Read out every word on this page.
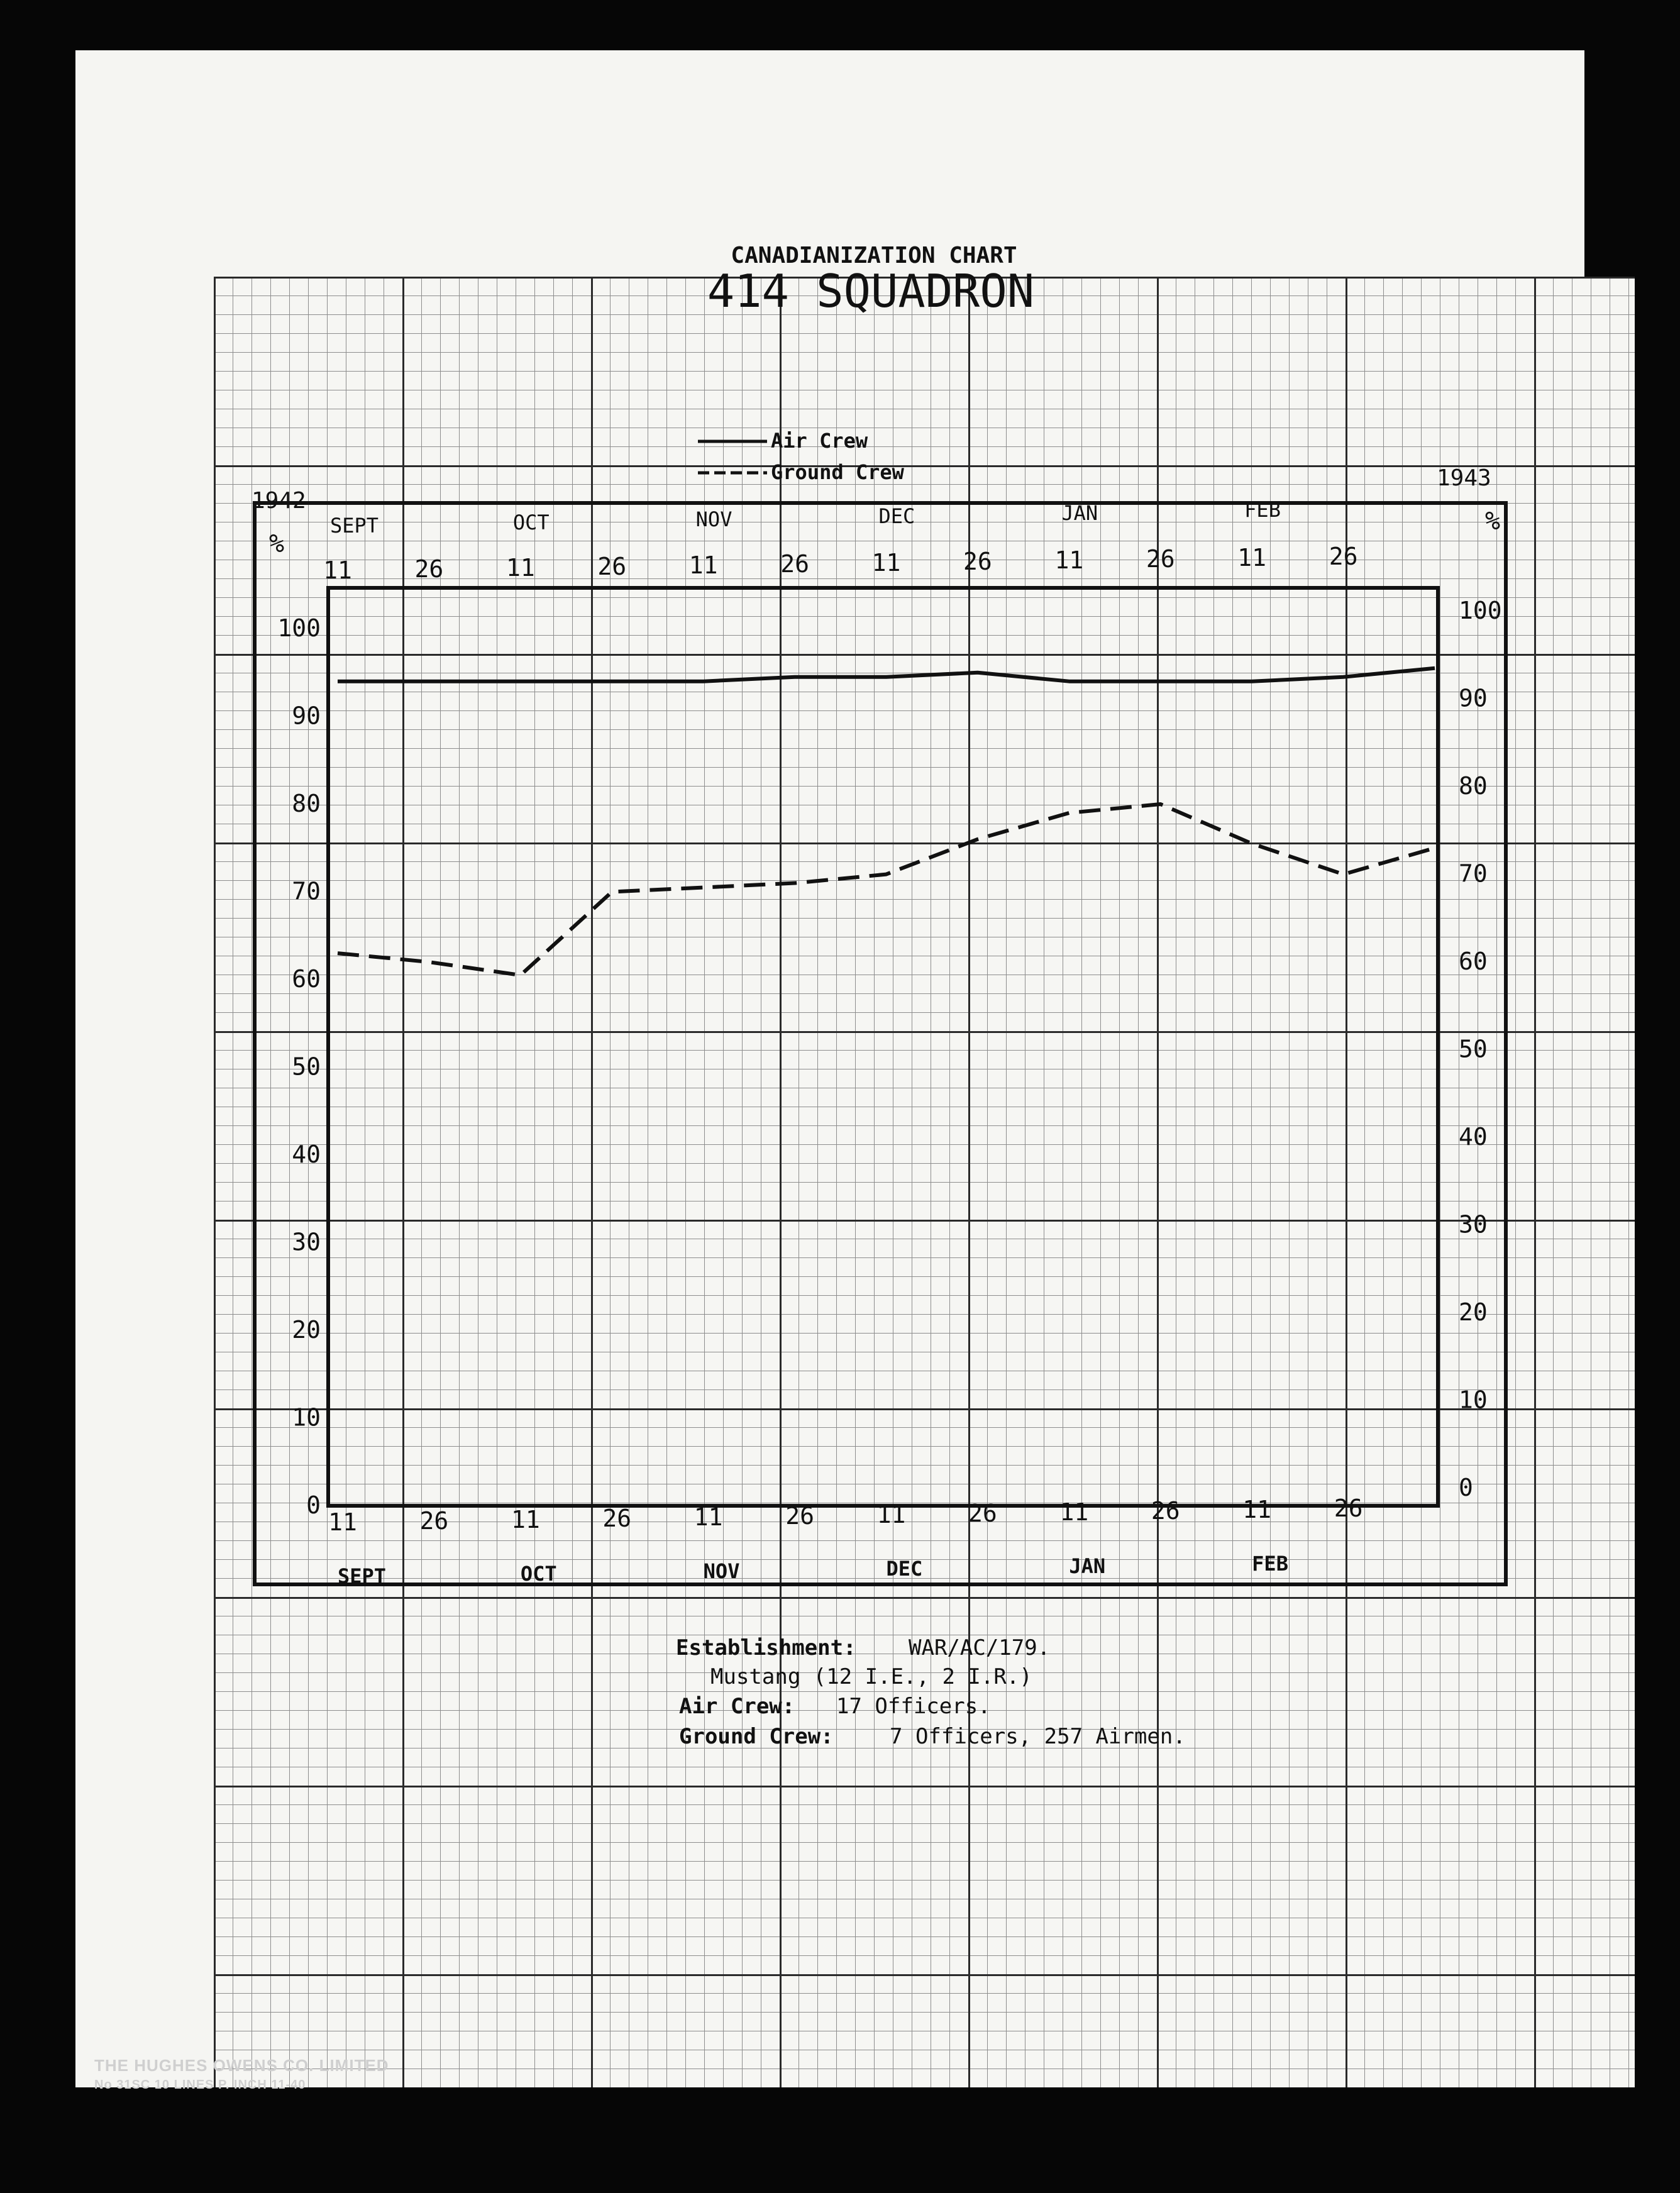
CANADIANIZATION CHART
414 SQUADRON
Air Crew
Ground Crew
1942
1943
%
%
0
10
20
30
40
50
60
70
80
90
100
0
10
20
30
40
50
60
70
80
90
100
11	26	11	26	11	26	11	26	11	26	11	26
11	26	11	26	11	26	11	26	11	26	11	26
SEPT	OCT	NOV	DEC	JAN	FEB
SEPT	OCT	NOV	DEC	JAN	FEB
Establishment: WAR/AC/179.
Mustang (12 I.E., 2 I.R.)
Air Crew: 17 Officers.
Ground Crew:	7 Officers, 257 Airmen.
THE HUGHES OWENS CO. LIMITED
No 31SC 10 LINES P. INCH 11-40
